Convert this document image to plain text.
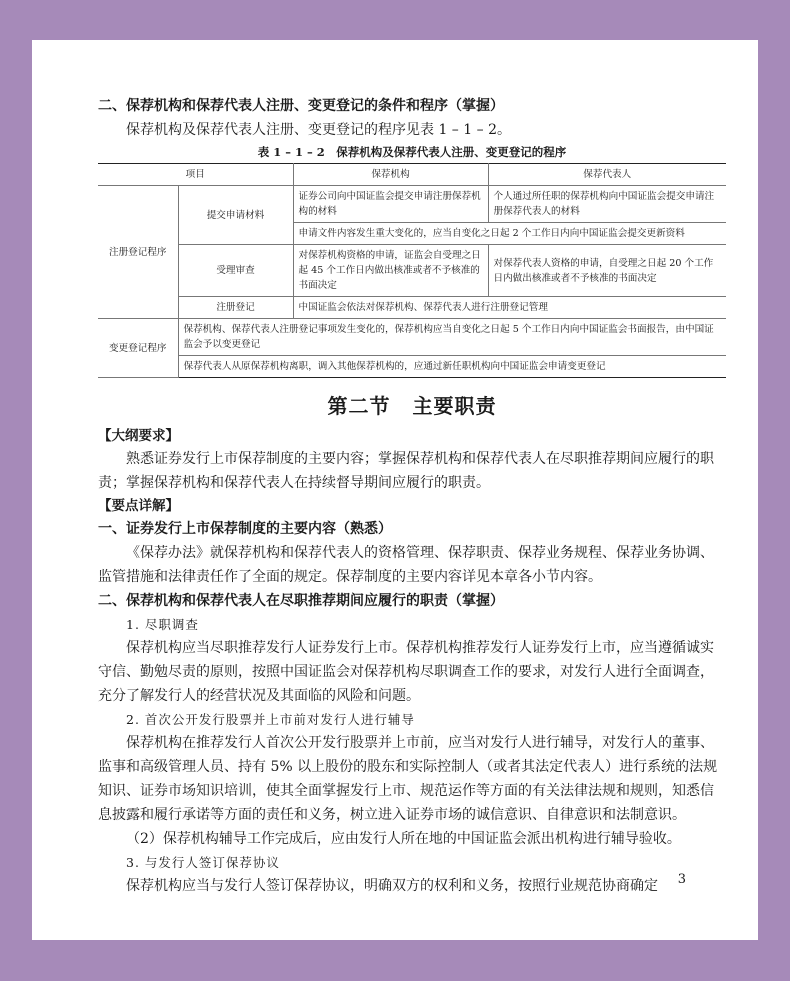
二、保荐机构和保荐代表人注册、变更登记的条件和程序（掌握）

保荐机构及保荐代表人注册、变更登记的程序见表 1 – 1 – 2。

表 1 – 1 – 2　保荐机构及保荐代表人注册、变更登记的程序

项目		保荐机构	保荐代表人
注册登记程序	提交申请材料	证券公司向中国证监会提交申请注册保荐机构的材料	个人通过所任职的保荐机构向中国证监会提交申请注册保荐代表人的材料
		申请文件内容发生重大变化的，应当自变化之日起 2 个工作日内向中国证监会提交更新资料	
	受理审查	对保荐机构资格的申请，证监会自受理之日起 45 个工作日内做出核准或者不予核准的书面决定	对保荐代表人资格的申请，自受理之日起 20 个工作日内做出核准或者不予核准的书面决定
	注册登记	中国证监会依法对保荐机构、保荐代表人进行注册登记管理	
变更登记程序	保荐机构、保荐代表人注册登记事项发生变化的，保荐机构应当自变化之日起 5 个工作日内向中国证监会书面报告，由中国证监会予以变更登记		
	保荐代表人从原保荐机构离职，调入其他保荐机构的，应通过新任职机构向中国证监会申请变更登记		
第二节 主要职责

【大纲要求】

熟悉证券发行上市保荐制度的主要内容；掌握保荐机构和保荐代表人在尽职推荐期间应履行的职责；掌握保荐机构和保荐代表人在持续督导期间应履行的职责。

【要点详解】

一、证券发行上市保荐制度的主要内容（熟悉）

《保荐办法》就保荐机构和保荐代表人的资格管理、保荐职责、保荐业务规程、保荐业务协调、监管措施和法律责任作了全面的规定。保荐制度的主要内容详见本章各小节内容。

二、保荐机构和保荐代表人在尽职推荐期间应履行的职责（掌握）

1. 尽职调查

保荐机构应当尽职推荐发行人证券发行上市。保荐机构推荐发行人证券发行上市，应当遵循诚实守信、勤勉尽责的原则，按照中国证监会对保荐机构尽职调查工作的要求，对发行人进行全面调查，充分了解发行人的经营状况及其面临的风险和问题。

2. 首次公开发行股票并上市前对发行人进行辅导

保荐机构在推荐发行人首次公开发行股票并上市前，应当对发行人进行辅导，对发行人的董事、监事和高级管理人员、持有 5% 以上股份的股东和实际控制人（或者其法定代表人）进行系统的法规知识、证券市场知识培训，使其全面掌握发行上市、规范运作等方面的有关法律法规和规则，知悉信息披露和履行承诺等方面的责任和义务，树立进入证券市场的诚信意识、自律意识和法制意识。

（2）保荐机构辅导工作完成后，应由发行人所在地的中国证监会派出机构进行辅导验收。

3. 与发行人签订保荐协议

保荐机构应当与发行人签订保荐协议，明确双方的权利和义务，按照行业规范协商确定	3
